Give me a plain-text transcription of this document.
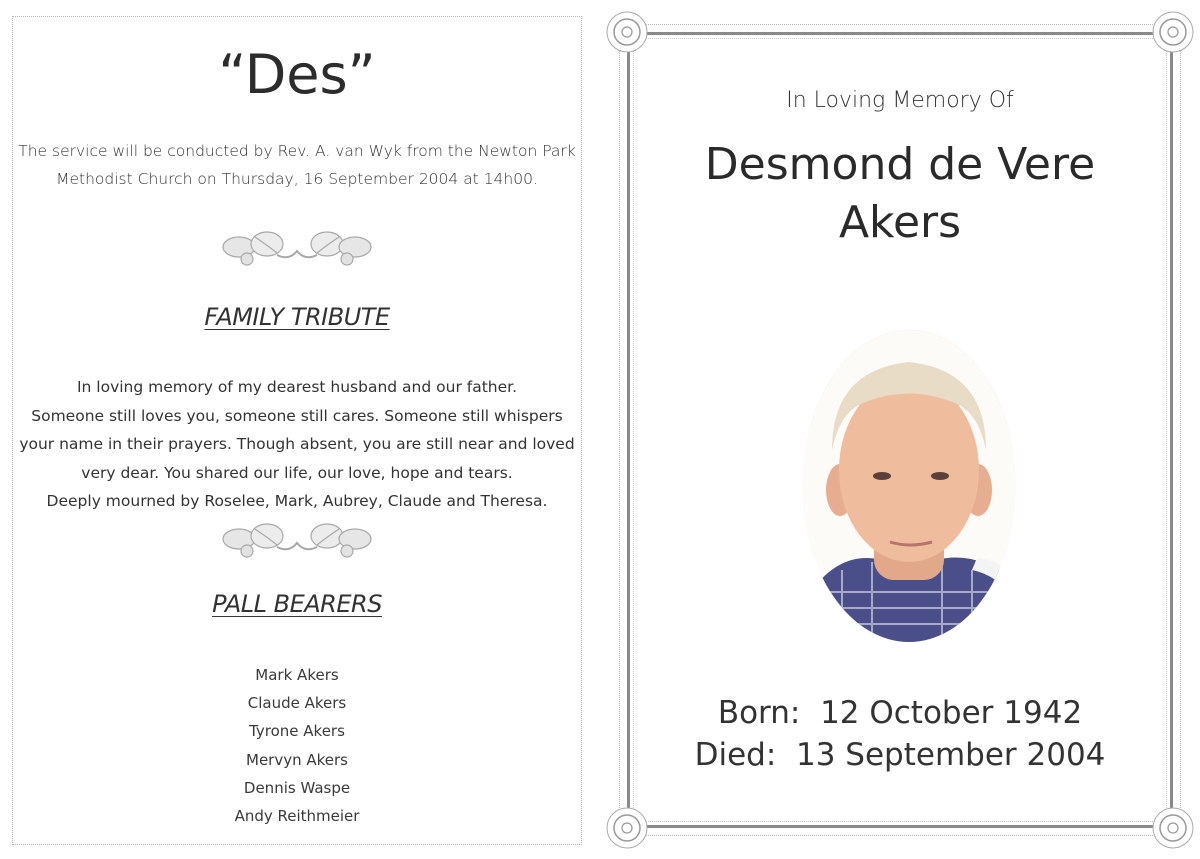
“Des”
The service will be conducted by Rev. A. van Wyk from the Newton Park
Methodist Church on Thursday, 16 September 2004 at 14h00.
FAMILY TRIBUTE
In loving memory of my dearest husband and our father.
Someone still loves you, someone still cares. Someone still whispers
your name in their prayers. Though absent, you are still near and loved
very dear. You shared our life, our love, hope and tears.
Deeply mourned by Roselee, Mark, Aubrey, Claude and Theresa.
PALL BEARERS
Mark Akers
Claude Akers
Tyrone Akers
Mervyn Akers
Dennis Waspe
Andy Reithmeier
In Loving Memory Of
Desmond de Vere
Akers
Born: 12 October 1942
Died: 13 September 2004
